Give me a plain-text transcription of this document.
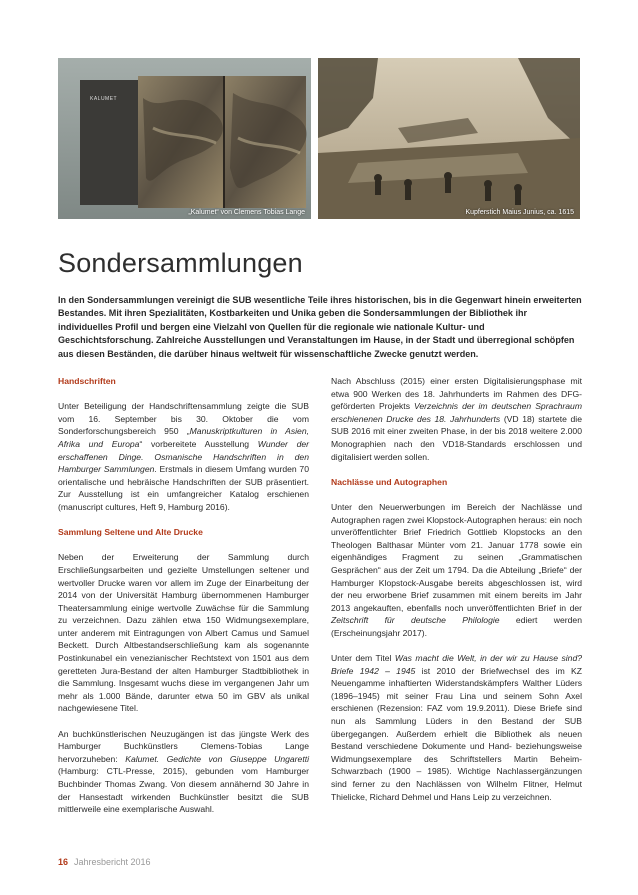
KALUMET
„Kalumet“ von Clemens Tobias Lange	Kupferstich Maius Junius, ca. 1615
Sondersammlungen

In den Sondersammlungen vereinigt die SUB wesentliche Teile ihres historischen, bis in die Gegenwart hinein erweiterten Bestandes. Mit ihren Spezialitäten, Kostbarkeiten und Unika geben die Sondersammlungen der Bibliothek ihr individuelles Profil und bergen eine Vielzahl von Quellen für die regionale wie nationale Kultur- und Geschichtsforschung. Zahlreiche Ausstellungen und Veranstaltungen im Hause, in der Stadt und überregional schöpfen aus diesen Beständen, die darüber hinaus weltweit für wissenschaftliche Zwecke genutzt werden.

Handschriften

Unter Beteiligung der Handschriftensammlung zeigte die SUB vom 16. September bis 30. Oktober die vom Sonderforschungsbereich 950 „Manuskriptkulturen in Asien, Afrika und Europa“ vorbereitete Ausstellung Wunder der erschaffenen Dinge. Osmanische Handschriften in den Hamburger Sammlungen. Erstmals in diesem Umfang wurden 70 orientalische und hebräische Handschriften der SUB präsentiert. Zur Ausstellung ist ein umfangreicher Katalog erschienen (manuscript cultures, Heft 9, Hamburg 2016).

Sammlung Seltene und Alte Drucke

Neben der Erweiterung der Sammlung durch Erschließungsarbeiten und gezielte Umstellungen seltener und wertvoller Drucke waren vor allem im Zuge der Einarbeitung der 2014 von der Universität Hamburg übernommenen Hamburger Theatersammlung einige wertvolle Zuwächse für die Sammlung zu verzeichnen. Dazu zählen etwa 150 Widmungsexemplare, unter anderem mit Eintragungen von Albert Camus und Samuel Beckett. Durch Altbestandserschließung kam als sogenannte Postinkunabel ein venezianischer Rechtstext von 1501 aus dem geretteten Jura-Bestand der alten Hamburger Stadtbibliothek in die Sammlung. Insgesamt wuchs diese im vergangenen Jahr um mehr als 1.000 Bände, darunter etwa 50 im GBV als unikal nachgewiesene Titel.

An buchkünstlerischen Neuzugängen ist das jüngste Werk des Hamburger Buchkünstlers Clemens-Tobias Lange hervorzuheben: Kalumet. Gedichte von Giuseppe Ungaretti (Hamburg: CTL-Presse, 2015), gebunden vom Hamburger Buchbinder Thomas Zwang. Von diesem annähernd 30 Jahre in der Hansestadt wirkenden Buchkünstler besitzt die SUB mittlerweile eine exemplarische Auswahl.

Nach Abschluss (2015) einer ersten Digitalisierungsphase mit etwa 900 Werken des 18. Jahrhunderts im Rahmen des DFG-geförderten Projekts Verzeichnis der im deutschen Sprachraum erschienenen Drucke des 18. Jahrhunderts (VD 18) startete die SUB 2016 mit einer zweiten Phase, in der bis 2018 weitere 2.000 Monographien nach den VD18-Standards erschlossen und digitalisiert werden sollen.

Nachlässe und Autographen

Unter den Neuerwerbungen im Bereich der Nachlässe und Autographen ragen zwei Klopstock-Autographen heraus: ein noch unveröffentlichter Brief Friedrich Gottlieb Klopstocks an den Theologen Balthasar Münter vom 21. Januar 1778 sowie ein eigenhändiges Fragment zu seinen „Grammatischen Gesprächen“ aus der Zeit um 1794. Da die Abteilung „Briefe“ der Hamburger Klopstock-Ausgabe bereits abgeschlossen ist, wird der neu erworbene Brief zusammen mit einem bereits im Jahr 2013 angekauften, ebenfalls noch unveröffentlichten Brief in der Zeitschrift für deutsche Philologie ediert werden (Erscheinungsjahr 2017).

Unter dem Titel Was macht die Welt, in der wir zu Hause sind? Briefe 1942 – 1945 ist 2010 der Briefwechsel des im KZ Neuengamme inhaftierten Widerstandskämpfers Walther Lüders (1896–1945) mit seiner Frau Lina und seinem Sohn Axel erschienen (Rezension: FAZ vom 19.9.2011). Diese Briefe sind nun als Sammlung Lüders in den Bestand der SUB übergegangen. Außerdem erhielt die Bibliothek als neuen Bestand verschiedene Dokumente und Hand- beziehungsweise Widmungsexemplare des Schriftstellers Martin Beheim-Schwarzbach (1900 – 1985). Wichtige Nachlassergänzungen sind ferner zu den Nachlässen von Wilhelm Flitner, Helmut Thielicke, Richard Dehmel und Hans Leip zu verzeichnen.

16 Jahresbericht 2016
